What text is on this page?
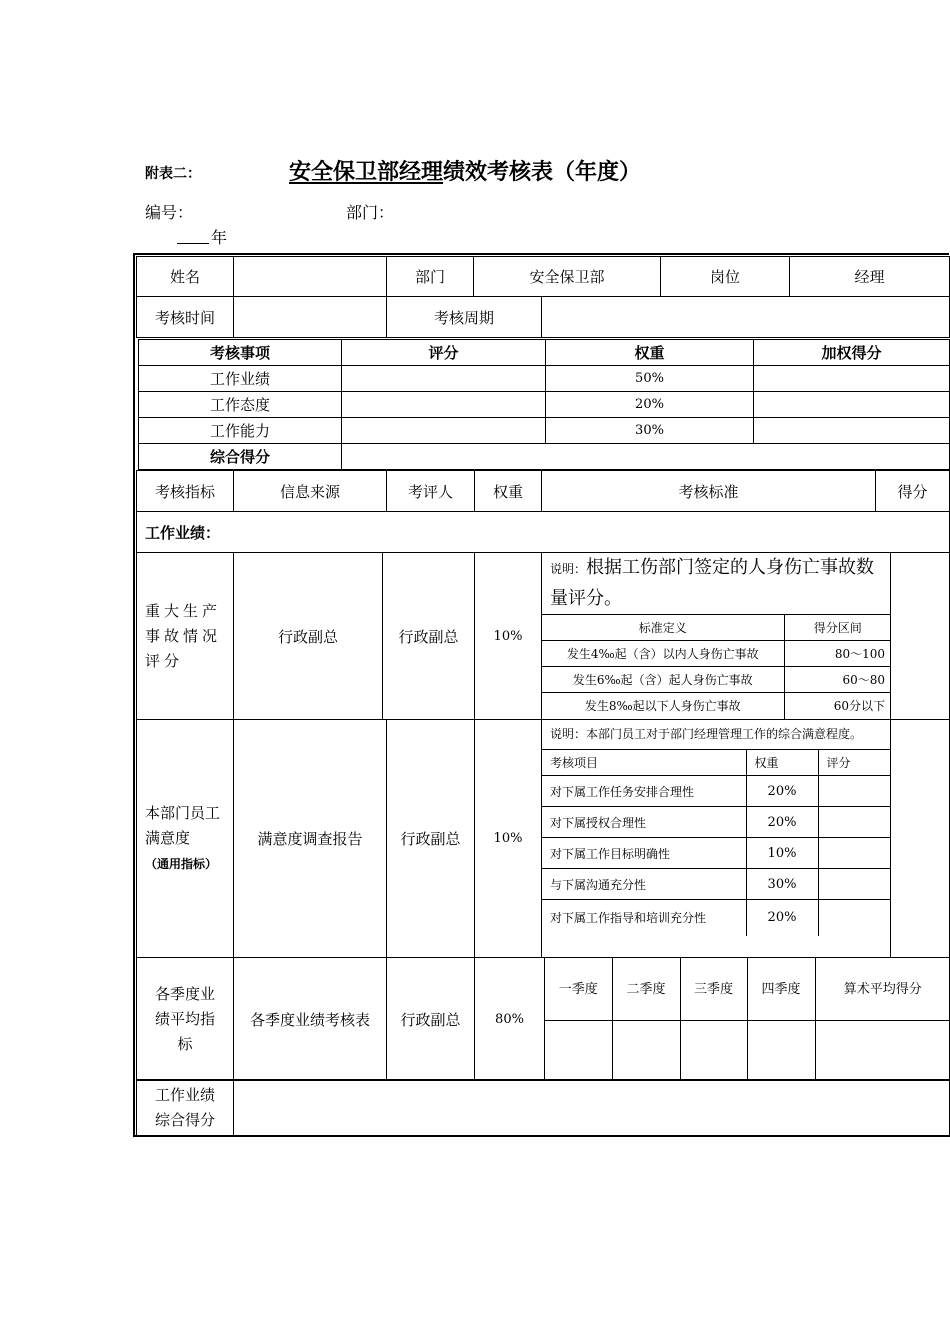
附表二：	安全保卫部经理绩效考核表（年度）
编号：	部门：
年
姓名		部门	安全保卫部	岗位	经理
考核时间		考核周期	
考核事项	评分	权重	加权得分
工作业绩		50%	
工作态度		20%	
工作能力		30%	
综合得分			
考核指标	信息来源	考评人	权重	考核标准	得分
工作业绩：
重大生产事故情况评分	行政副总	行政副总	10%	
说明：根据工伤部门签定的人身伤亡事故数量评分。
标准定义	得分区间
发生4‰起（含）以内人身伤亡事故	80～100
发生6‰起（含）起人身伤亡事故	60～80
发生8‰起以下人身伤亡事故	60分以下

本部门员工满意度
（通用指标）	满意度调查报告	行政副总	10%	
说明：本部门员工对于部门经理管理工作的综合满意程度。
考核项目	权重	评分
对下属工作任务安排合理性	20%	
对下属授权合理性	20%	
对下属工作目标明确性	10%	
与下属沟通充分性	30%	
对下属工作指导和培训充分性	20%	

各季度业绩平均指标	各季度业绩考核表	行政副总	80%	
一季度	二季度	三季度	四季度	算术平均得分

工作业绩综合得分	
